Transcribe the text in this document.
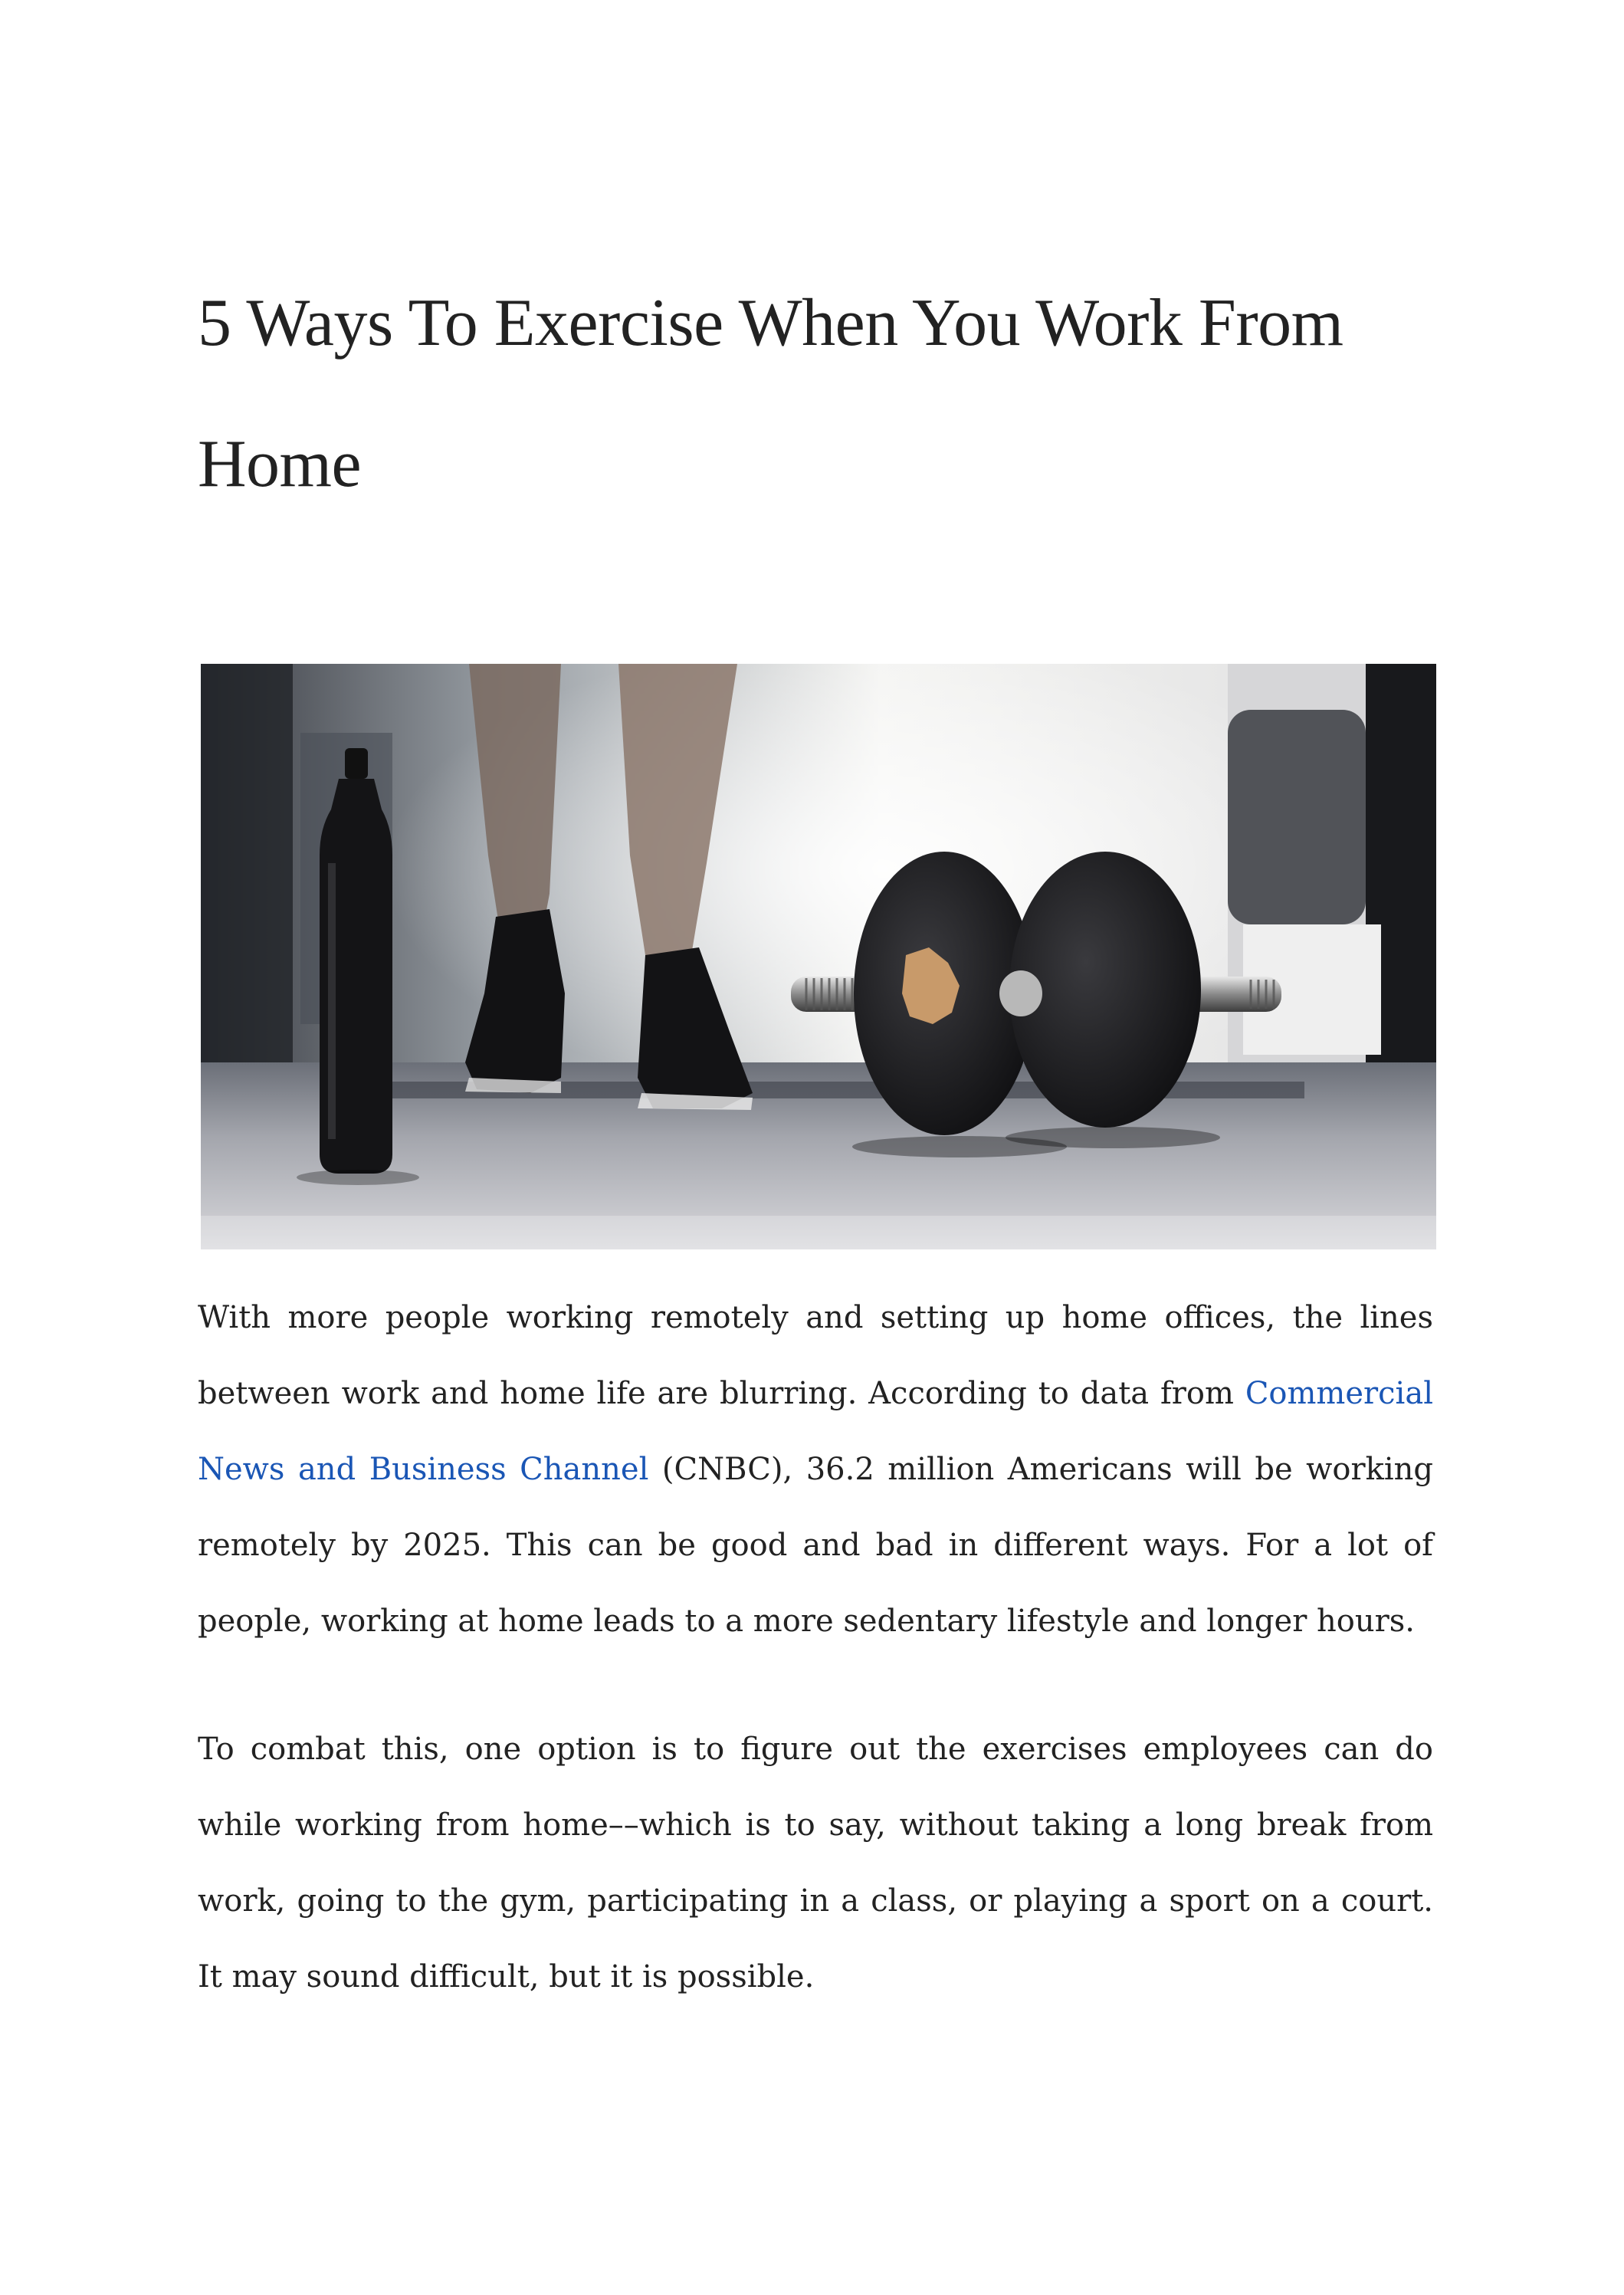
5 Ways To Exercise When You Work From Home

With more people working remotely and setting up home offices, the lines between work and home life are blurring. According to data from Commercial News and Business Channel (CNBC), 36.2 million Americans will be working remotely by 2025. This can be good and bad in different ways. For a lot of people, working at home leads to a more sedentary lifestyle and longer hours.

To combat this, one option is to figure out the exercises employees can do while working from home––which is to say, without taking a long break from work, going to the gym, participating in a class, or playing a sport on a court. It may sound difficult, but it is possible.
